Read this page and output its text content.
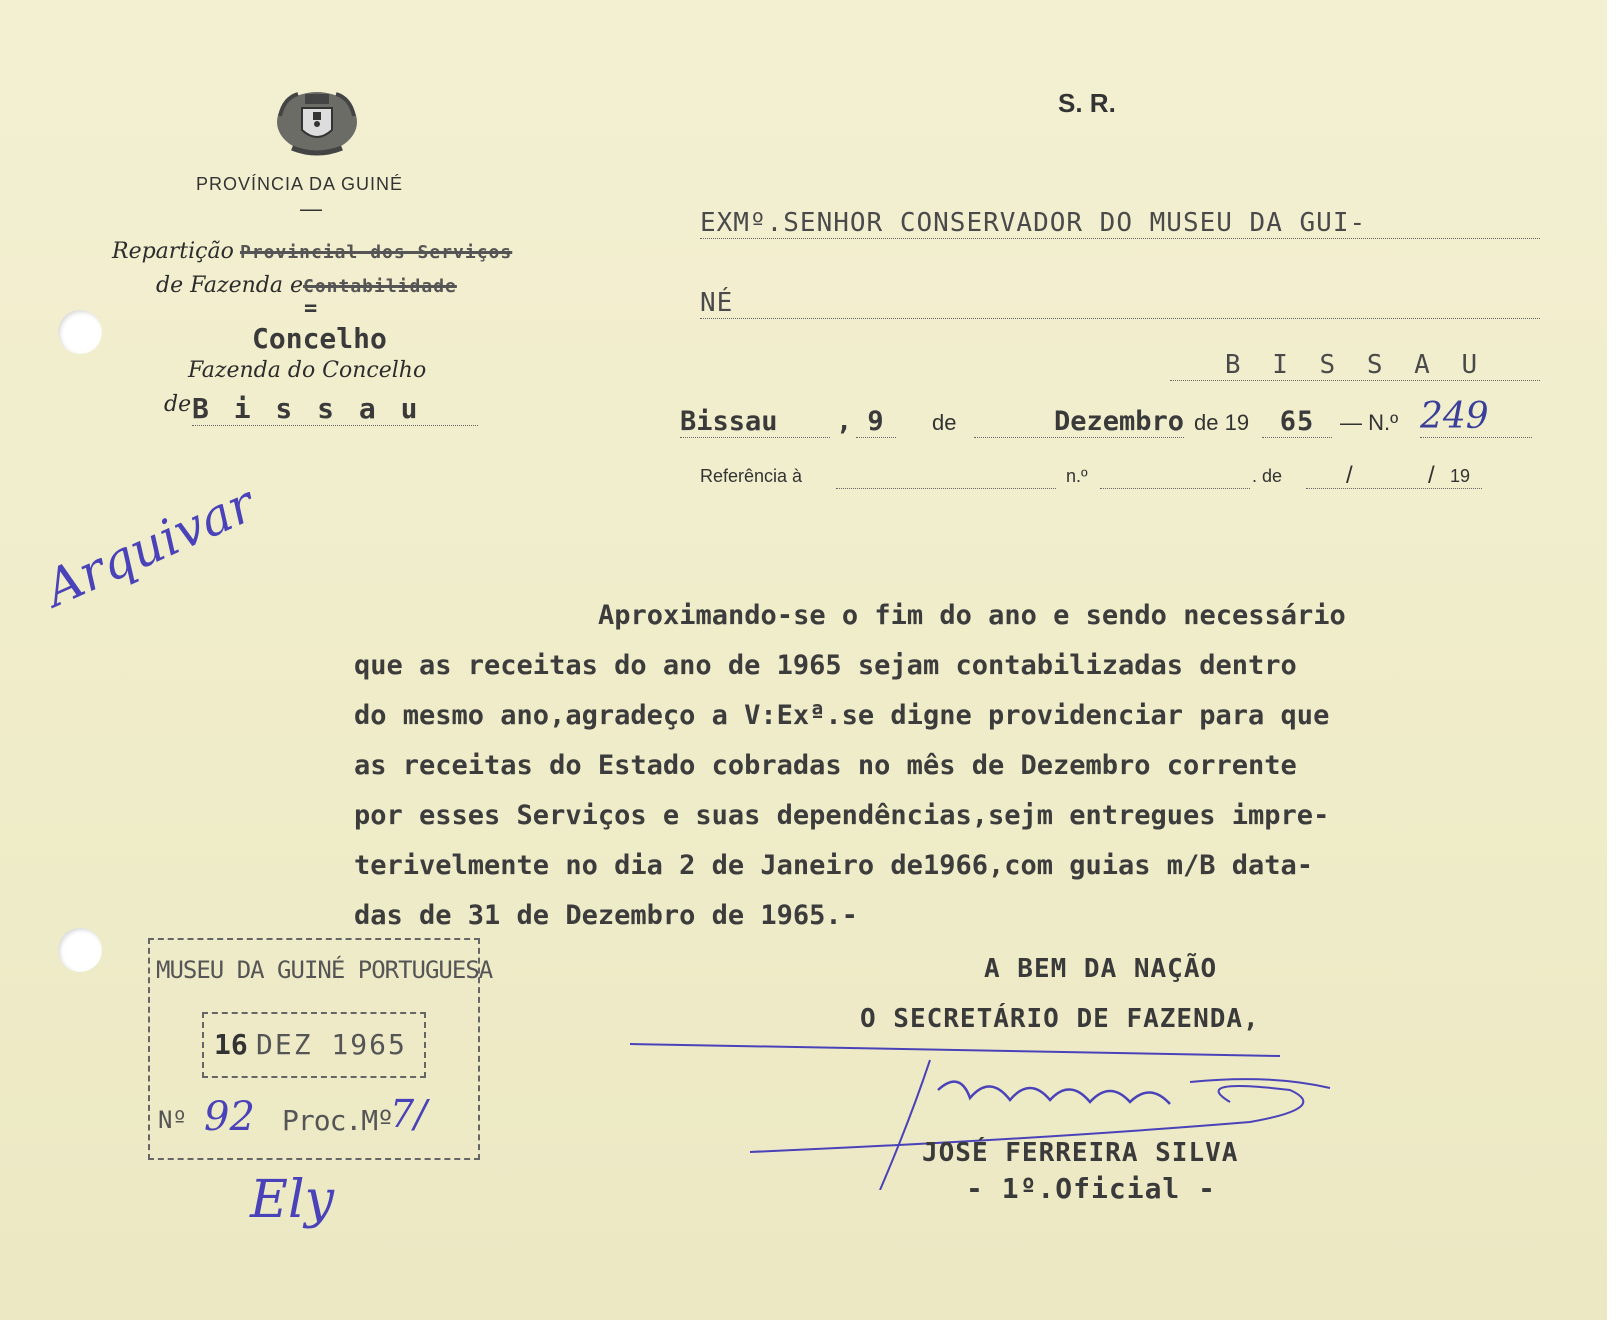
PROVÍNCIA DA GUINÉ
—
Repartição Provincial dos Serviços
de Fazenda eContabilidade
=
Concelho
Fazenda do Concelho
de B i s s a u
S. R.
EXMº.SENHOR CONSERVADOR DO MUSEU DA GUI-
NÉ
B I S S A U
Bissau	, 9	de	Dezembro de 19	65	— N.º 249
Referência à	n.º	. de	/	/ 19
Aproximando-se o fim do ano e sendo necessário
que as receitas do ano de 1965 sejam contabilizadas dentro
do mesmo ano,agradeço a V:Exª.se digne providenciar para que
as receitas do Estado cobradas no mês de Dezembro corrente
por esses Serviços e suas dependências,sejm entregues impre-
terivelmente no dia 2 de Janeiro de1966,com guias m/B data-
das de 31 de Dezembro de 1965.-
A BEM DA NAÇÃO
O SECRETÁRIO DE FAZENDA,
JOSÉ FERREIRA SILVA
- 1º.Oficial -
MUSEU DA GUINÉ PORTUGUESA
16 DEZ 1965
Nº 92 Proc.Mº
7/
Arquivar
Ely
